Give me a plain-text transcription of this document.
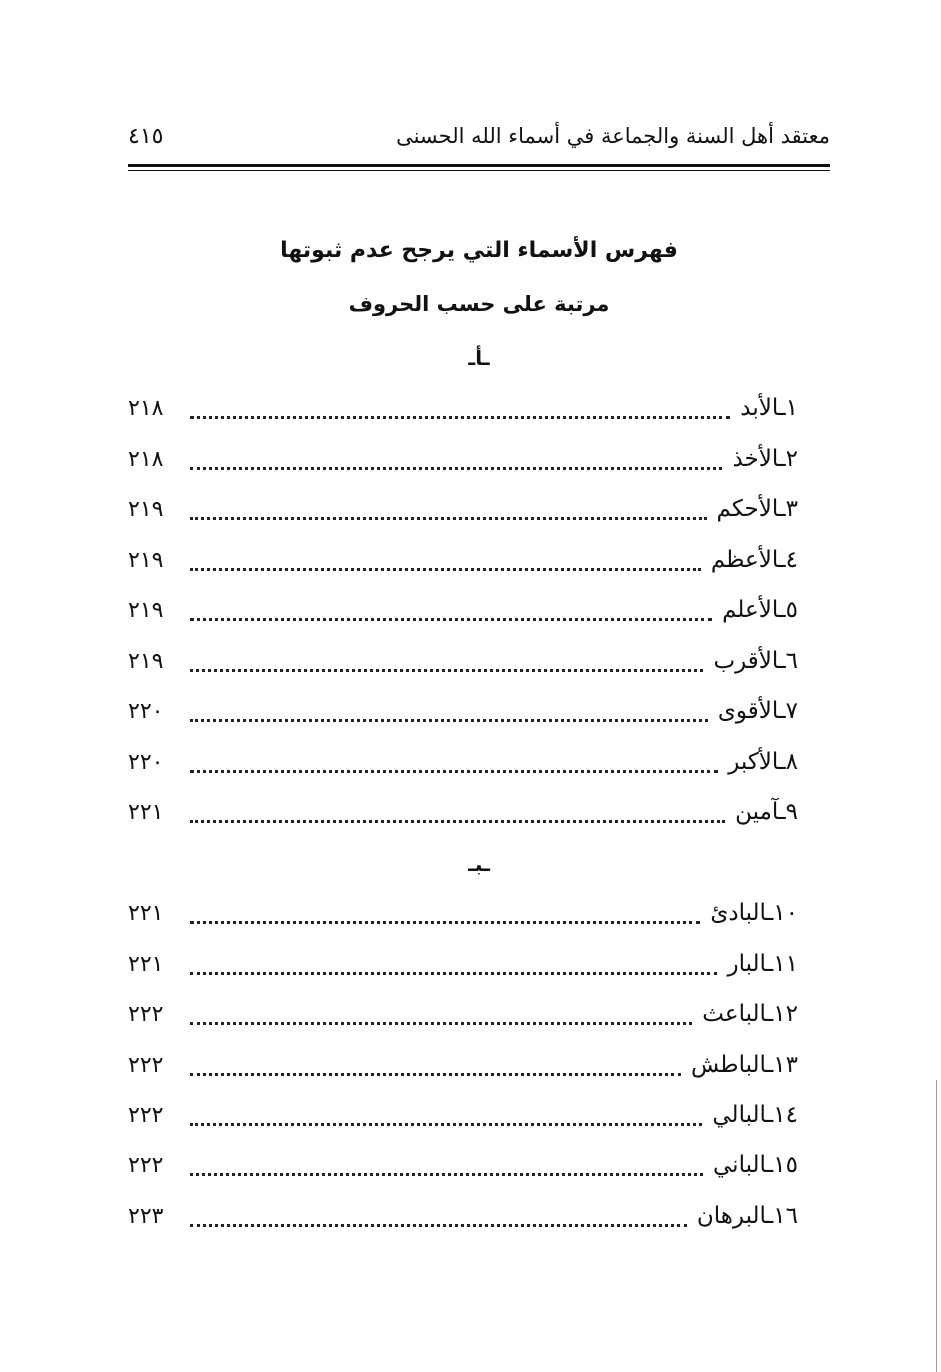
معتقد أهل السنة والجماعة في أسماء الله الحسنى
٤١٥
فهرس الأسماء التي يرجح عدم ثبوتها
مرتبة على حسب الحروف
ـأـ
١ـالأبد
٢١٨
٢ـالأخذ
٢١٨
٣ـالأحكم
٢١٩
٤ـالأعظم
٢١٩
٥ـالأعلم
٢١٩
٦ـالأقرب
٢١٩
٧ـالأقوى
٢٢٠
٨ـالأكبر
٢٢٠
٩ـآمين
٢٢١
ـبـ
١٠ـالبادئ
٢٢١
١١ـالبار
٢٢١
١٢ـالباعث
٢٢٢
١٣ـالباطش
٢٢٢
١٤ـالبالي
٢٢٢
١٥ـالباني
٢٢٢
١٦ـالبرهان
٢٢٣
